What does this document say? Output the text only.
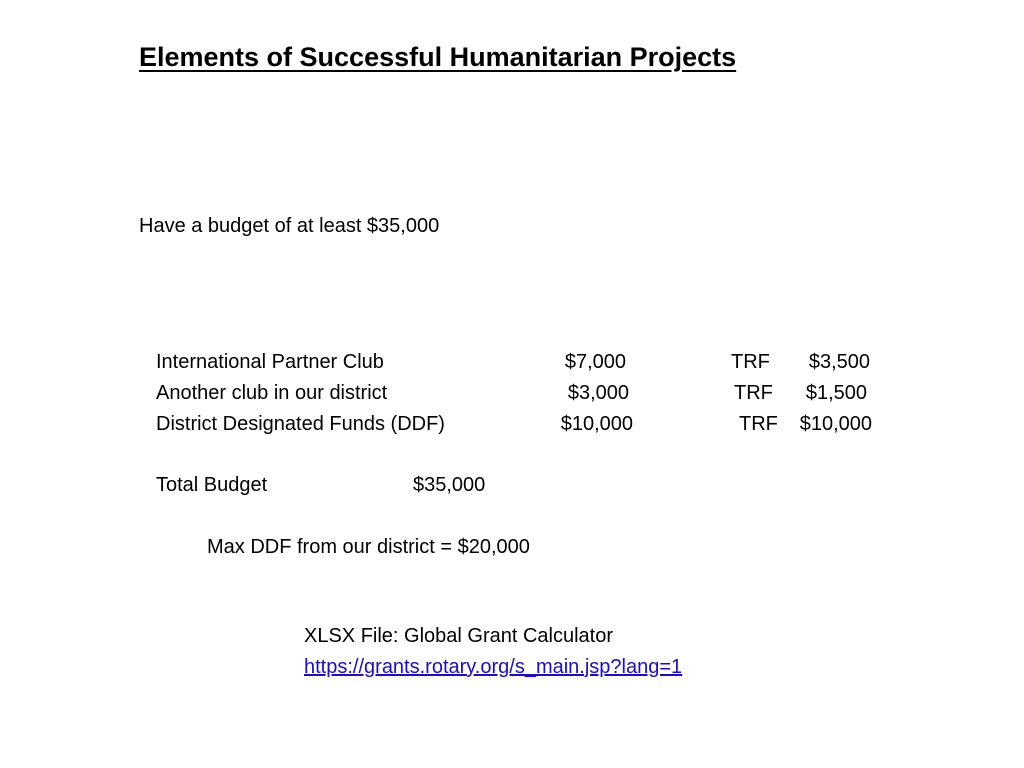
Elements of Successful Humanitarian Projects
Have a budget of at least $35,000
International Partner Club	$7,000	TRF	$3,500
Another club in our district	$3,000	TRF	$1,500
District Designated Funds (DDF)	$10,000	TRF	$10,000
Total Budget	$35,000
Max DDF from our district = $20,000
XLSX File: Global Grant Calculator
https://grants.rotary.org/s_main.jsp?lang=1
